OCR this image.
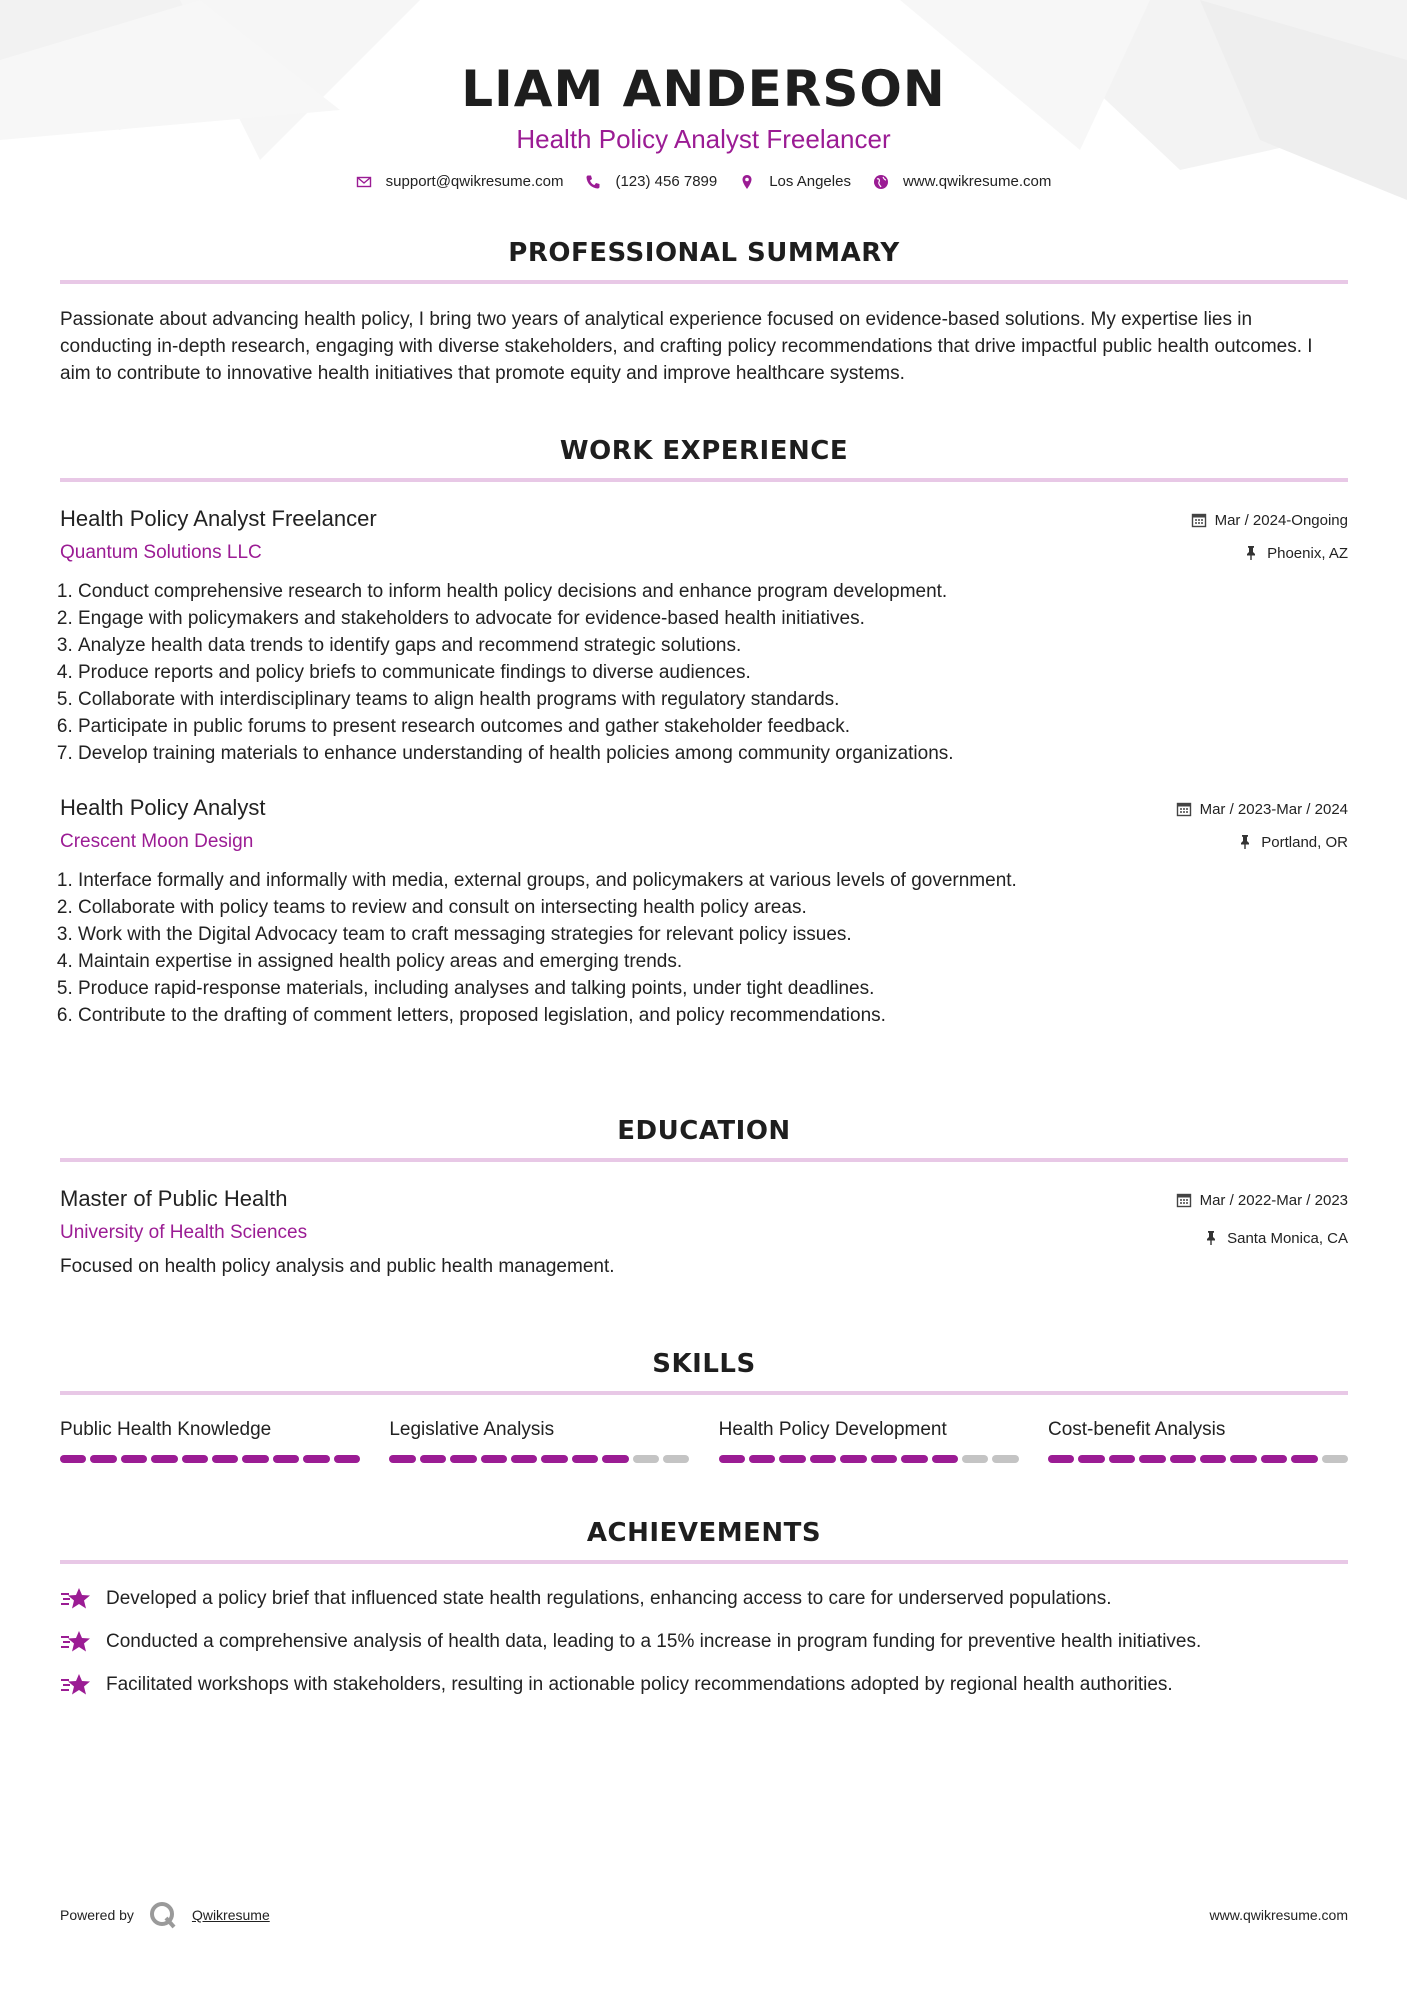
LIAM ANDERSON
Health Policy Analyst Freelancer
support@qwikresume.com	(123) 456 7899	Los Angeles	www.qwikresume.com
PROFESSIONAL SUMMARY
Passionate about advancing health policy, I bring two years of analytical experience focused on evidence-based solutions. My expertise lies in conducting in-depth research, engaging with diverse stakeholders, and crafting policy recommendations that drive impactful public health outcomes. I aim to contribute to innovative health initiatives that promote equity and improve healthcare systems.
WORK EXPERIENCE
Health Policy Analyst Freelancer
Quantum Solutions LLC
Mar / 2024-Ongoing
Phoenix, AZ
1. Conduct comprehensive research to inform health policy decisions and enhance program development.
2. Engage with policymakers and stakeholders to advocate for evidence-based health initiatives.
3. Analyze health data trends to identify gaps and recommend strategic solutions.
4. Produce reports and policy briefs to communicate findings to diverse audiences.
5. Collaborate with interdisciplinary teams to align health programs with regulatory standards.
6. Participate in public forums to present research outcomes and gather stakeholder feedback.
7. Develop training materials to enhance understanding of health policies among community organizations.
Health Policy Analyst
Crescent Moon Design
Mar / 2023-Mar / 2024
Portland, OR
1. Interface formally and informally with media, external groups, and policymakers at various levels of government.
2. Collaborate with policy teams to review and consult on intersecting health policy areas.
3. Work with the Digital Advocacy team to craft messaging strategies for relevant policy issues.
4. Maintain expertise in assigned health policy areas and emerging trends.
5. Produce rapid-response materials, including analyses and talking points, under tight deadlines.
6. Contribute to the drafting of comment letters, proposed legislation, and policy recommendations.
EDUCATION
Master of Public Health
University of Health Sciences
Mar / 2022-Mar / 2023
Santa Monica, CA
Focused on health policy analysis and public health management.
SKILLS
Public Health Knowledge	Legislative Analysis	Health Policy Development	Cost-benefit Analysis
ACHIEVEMENTS
Developed a policy brief that influenced state health regulations, enhancing access to care for underserved populations.
Conducted a comprehensive analysis of health data, leading to a 15% increase in program funding for preventive health initiatives.
Facilitated workshops with stakeholders, resulting in actionable policy recommendations adopted by regional health authorities.
Powered by	Qwikresume	www.qwikresume.com
